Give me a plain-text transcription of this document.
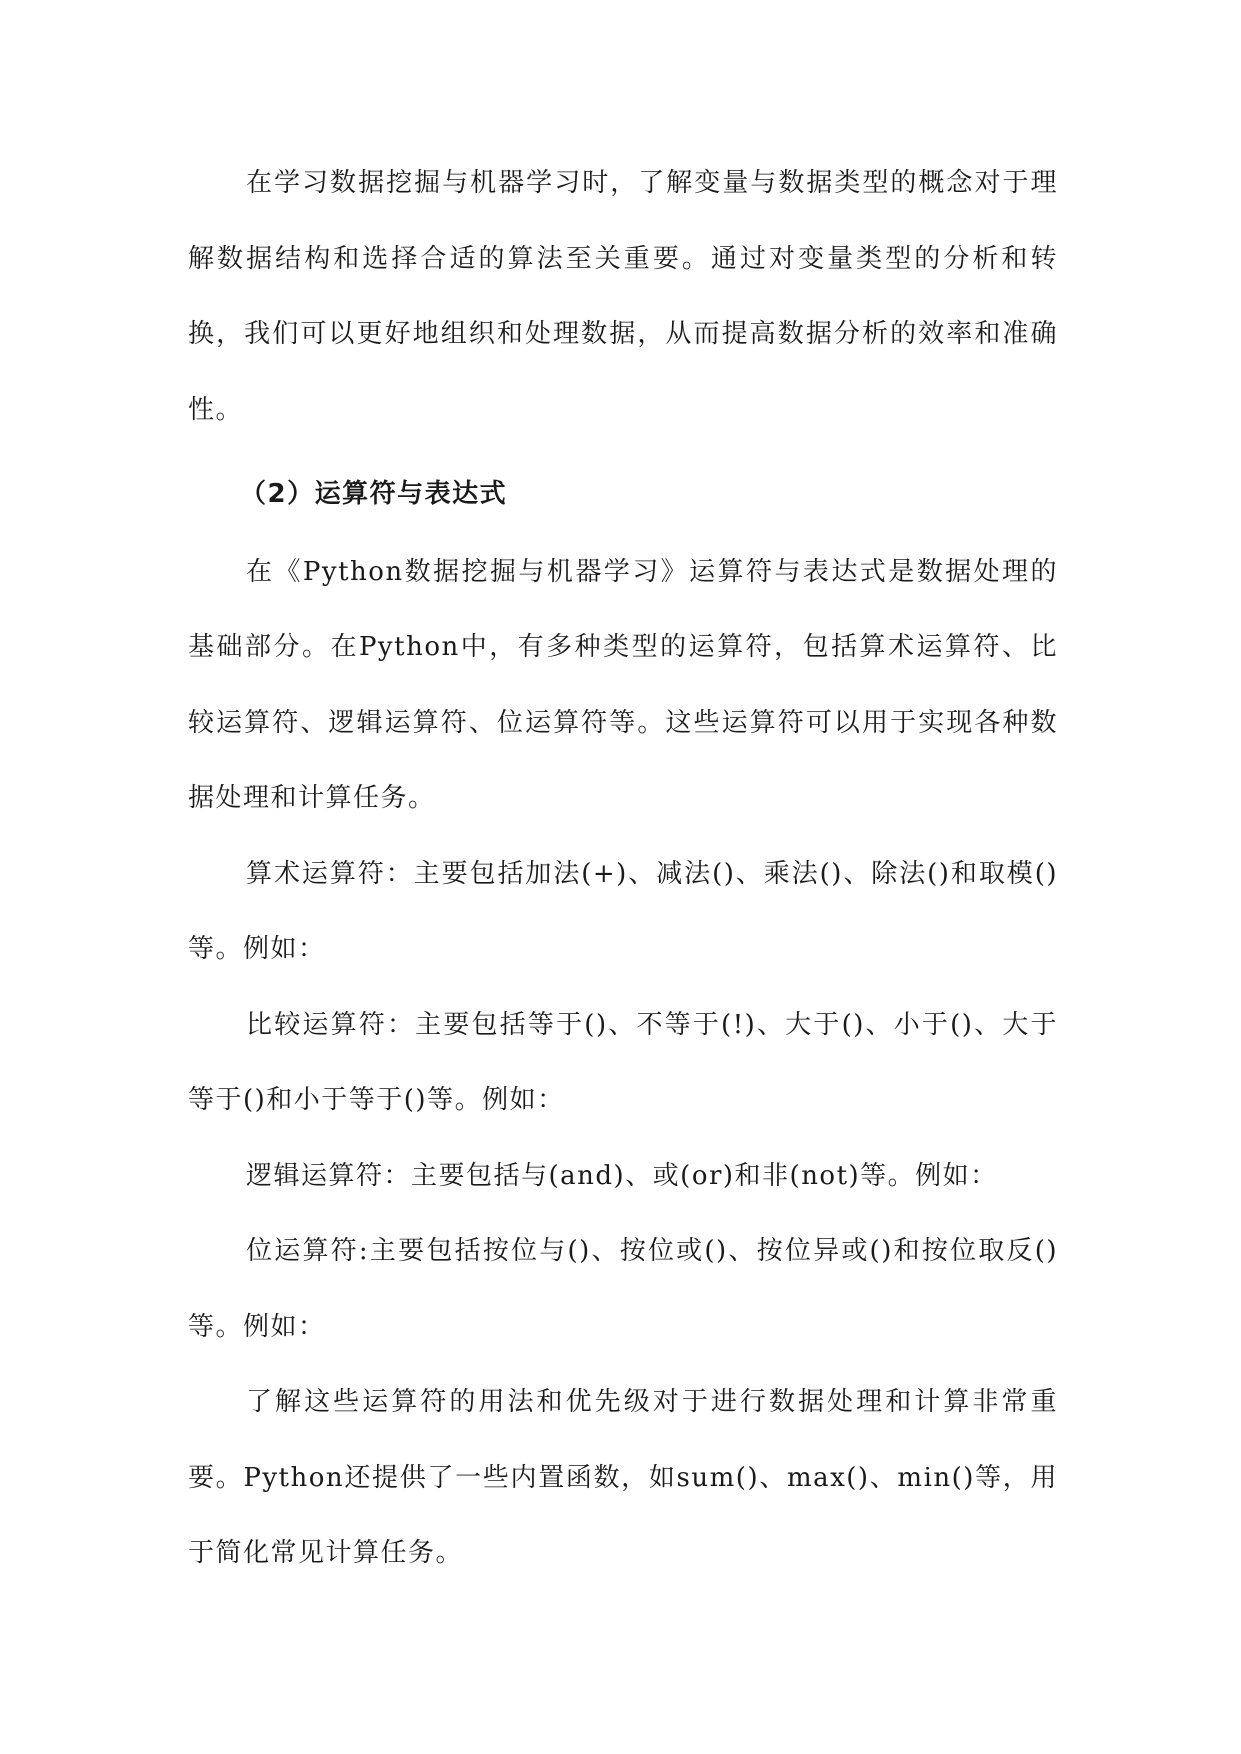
在学习数据挖掘与机器学习时，了解变量与数据类型的概念对于理解数据结构和选择合适的算法至关重要。通过对变量类型的分析和转换，我们可以更好地组织和处理数据，从而提高数据分析的效率和准确性。

（2）运算符与表达式

在《Python数据挖掘与机器学习》运算符与表达式是数据处理的基础部分。在Python中，有多种类型的运算符，包括算术运算符、比较运算符、逻辑运算符、位运算符等。这些运算符可以用于实现各种数据处理和计算任务。

算术运算符：主要包括加法(+)、减法()、乘法()、除法()和取模()等。例如：

比较运算符：主要包括等于()、不等于(!)、大于()、小于()、大于等于()和小于等于()等。例如：

逻辑运算符：主要包括与(and)、或(or)和非(not)等。例如：

位运算符:主要包括按位与()、按位或()、按位异或()和按位取反()等。例如：

了解这些运算符的用法和优先级对于进行数据处理和计算非常重要。Python还提供了一些内置函数，如sum()、max()、min()等，用于简化常见计算任务。
